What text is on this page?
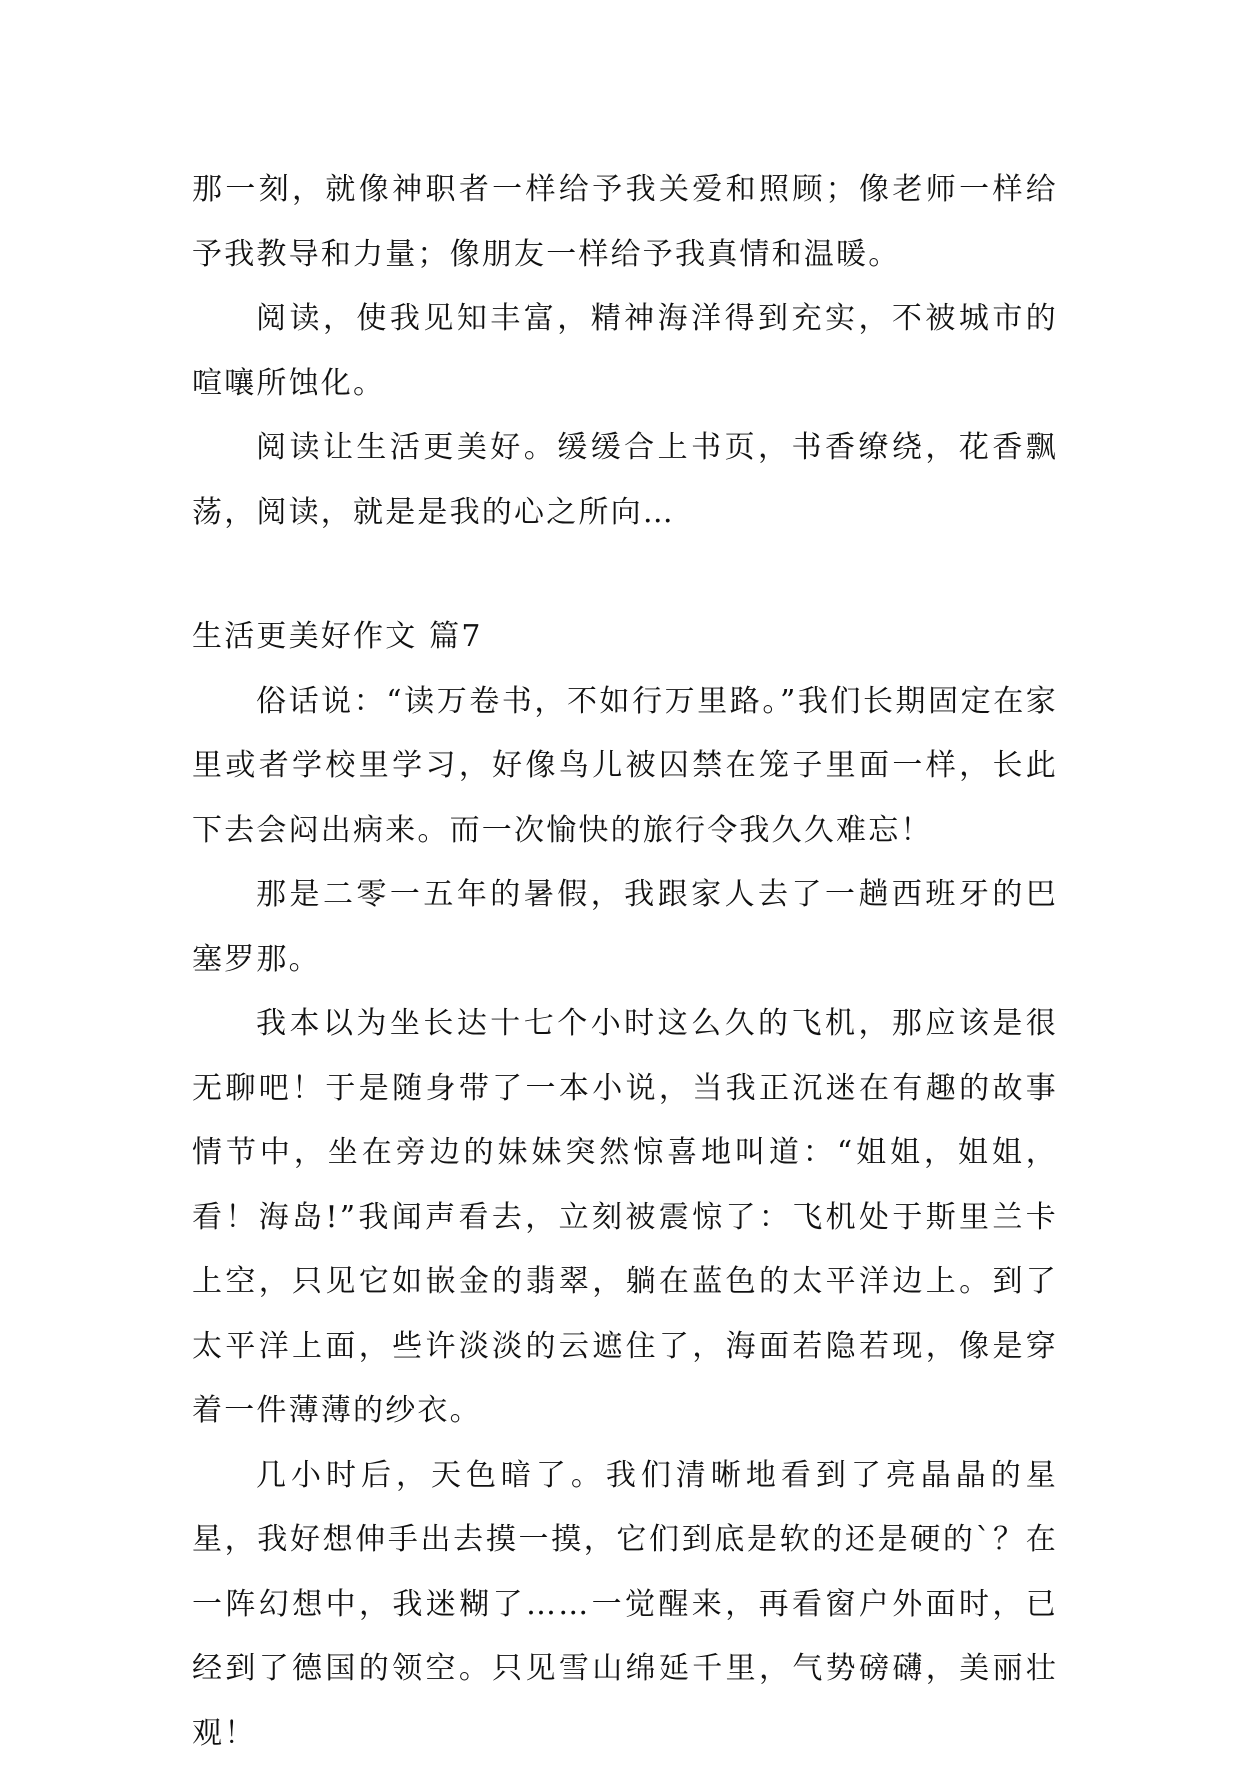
那一刻，就像神职者一样给予我关爱和照顾；像老师一样给予我教导和力量；像朋友一样给予我真情和温暖。

阅读，使我见知丰富，精神海洋得到充实，不被城市的喧嚷所蚀化。

阅读让生活更美好。缓缓合上书页，书香缭绕，花香飘荡，阅读，就是是我的心之所向…

生活更美好作文 篇7

俗话说：“读万卷书，不如行万里路。”我们长期固定在家里或者学校里学习，好像鸟儿被囚禁在笼子里面一样，长此下去会闷出病来。而一次愉快的旅行令我久久难忘！

那是二零一五年的暑假，我跟家人去了一趟西班牙的巴塞罗那。

我本以为坐长达十七个小时这么久的飞机，那应该是很无聊吧！于是随身带了一本小说，当我正沉迷在有趣的故事情节中，坐在旁边的妹妹突然惊喜地叫道：“姐姐，姐姐，看！海岛!”我闻声看去，立刻被震惊了：飞机处于斯里兰卡上空，只见它如嵌金的翡翠，躺在蓝色的太平洋边上。到了太平洋上面，些许淡淡的云遮住了，海面若隐若现，像是穿着一件薄薄的纱衣。

几小时后，天色暗了。我们清晰地看到了亮晶晶的星星，我好想伸手出去摸一摸，它们到底是软的还是硬的`？在一阵幻想中，我迷糊了……一觉醒来，再看窗户外面时，已经到了德国的领空。只见雪山绵延千里，气势磅礴，美丽壮观！
